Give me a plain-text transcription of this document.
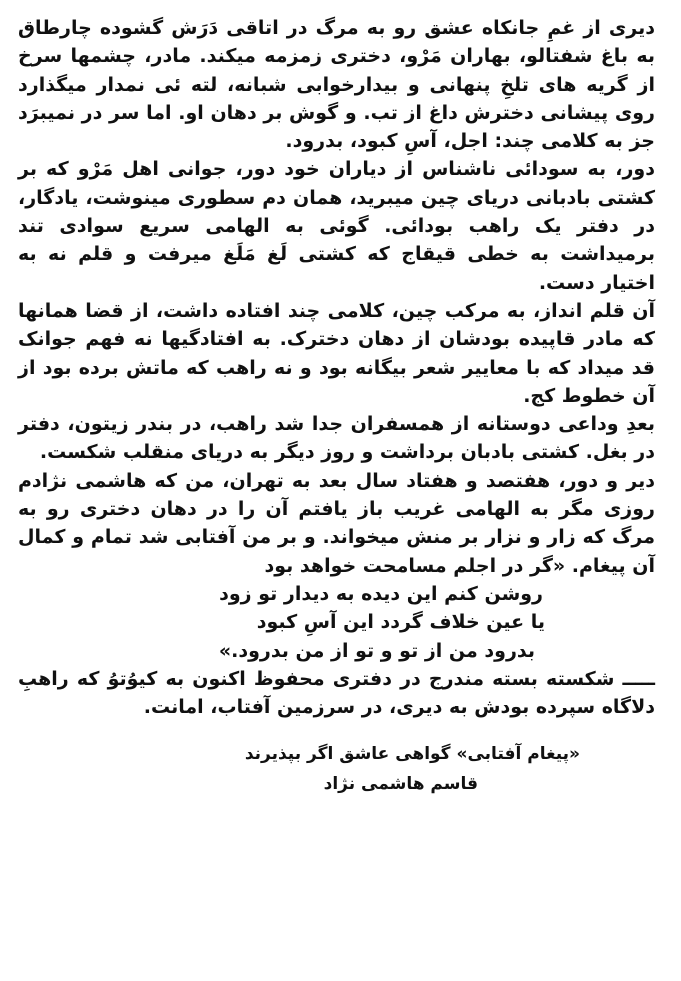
دیری از غمِ جانکاه عشق رو به مرگ در اتاقی دَرَش گشوده چارطاق به باغ شفتالو، بهاران مَرْو، دختری زمزمه میکند. مادر، چشمها سرخ از گریه های تلخِ پنهانی و بیدارخوابی شبانه، لته ئی نمدار میگذارد روی پیشانی دخترش داغ از تب. و گوش بر دهان او. اما سر در نمیبرَد جز به کلامی چند: اجل، آسِ کبود، بدرود.

دور، به سودائی ناشناس از دیاران خود دور، جوانی اهل مَرْو که بر کشتی بادبانی دریای چین میبرید، همان دم سطوری مینوشت، یادگار، در دفتر یک راهب بودائی. گوئی به الهامی سریع سوادی تند برمیداشت به خطی قیقاج که کشتی لَغ مَلَغ میرفت و قلم نه به اختیار دست.

آن قلم انداز، به مرکب چین، کلامی چند افتاده داشت، از قضا همانها که مادر قاپیده بودشان از دهان دخترک. به افتادگیها نه فهم جوانک قد میداد که با معاییر شعر بیگانه بود و نه راهب که ماتش برده بود از آن خطوط کج.

بعدِ وداعی دوستانه از همسفران جدا شد راهب، در بندر زیتون، دفتر در بغل. کشتی بادبان برداشت و روز دیگر به دریای منقلب شکست.

دیر و دور، هفتصد و هفتاد سال بعد به تهران، من که هاشمی نژادم روزی مگر به الهامی غریب باز یافتم آن را در دهان دختری رو به مرگ که زار و نزار بر منش میخواند. و بر من آفتابی شد تمام و کمال آن پیغام. «گر در اجلم مسامحت خواهد بود

روشن کنم این دیده به دیدار تو زود
یا عین خلاف گردد این آسِ کبود
بدرود من از تو و تو از من بدرود.»

ـــــ شکسته بسته مندرج در دفتری محفوظ اکنون به کیوُتوُ که راهبِ دلاگاه سپرده بودش به دیری، در سرزمین آفتاب، امانت.

«پیغام آفتابی» گواهی عاشق اگر بپذیرند
قاسم هاشمی نژاد
